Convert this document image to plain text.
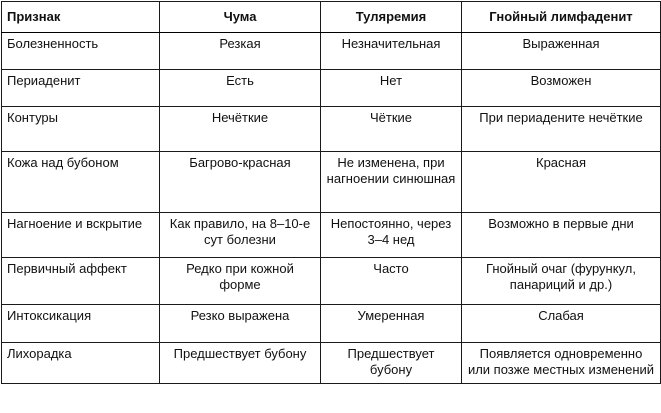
Признак	Чума	Туляремия	Гнойный лимфаденит
Болезненность	Резкая	Незначительная	Выраженная
Периаденит	Есть	Нет	Возможен
Контуры	Нечёткие	Чёткие	При периадените нечёткие
Кожа над бубоном	Багрово-красная	Не изменена, при нагноении синюшная	Красная
Нагноение и вскрытие	Как правило, на 8–10-е сут болезни	Непостоянно, через 3–4 нед	Возможно в первые дни
Первичный аффект	Редко при кожной форме	Часто	Гнойный очаг (фурункул, панариций и др.)
Интоксикация	Резко выражена	Умеренная	Слабая
Лихорадка	Предшествует бубону	Предшествует бубону	Появляется одновременно или позже местных изменений
